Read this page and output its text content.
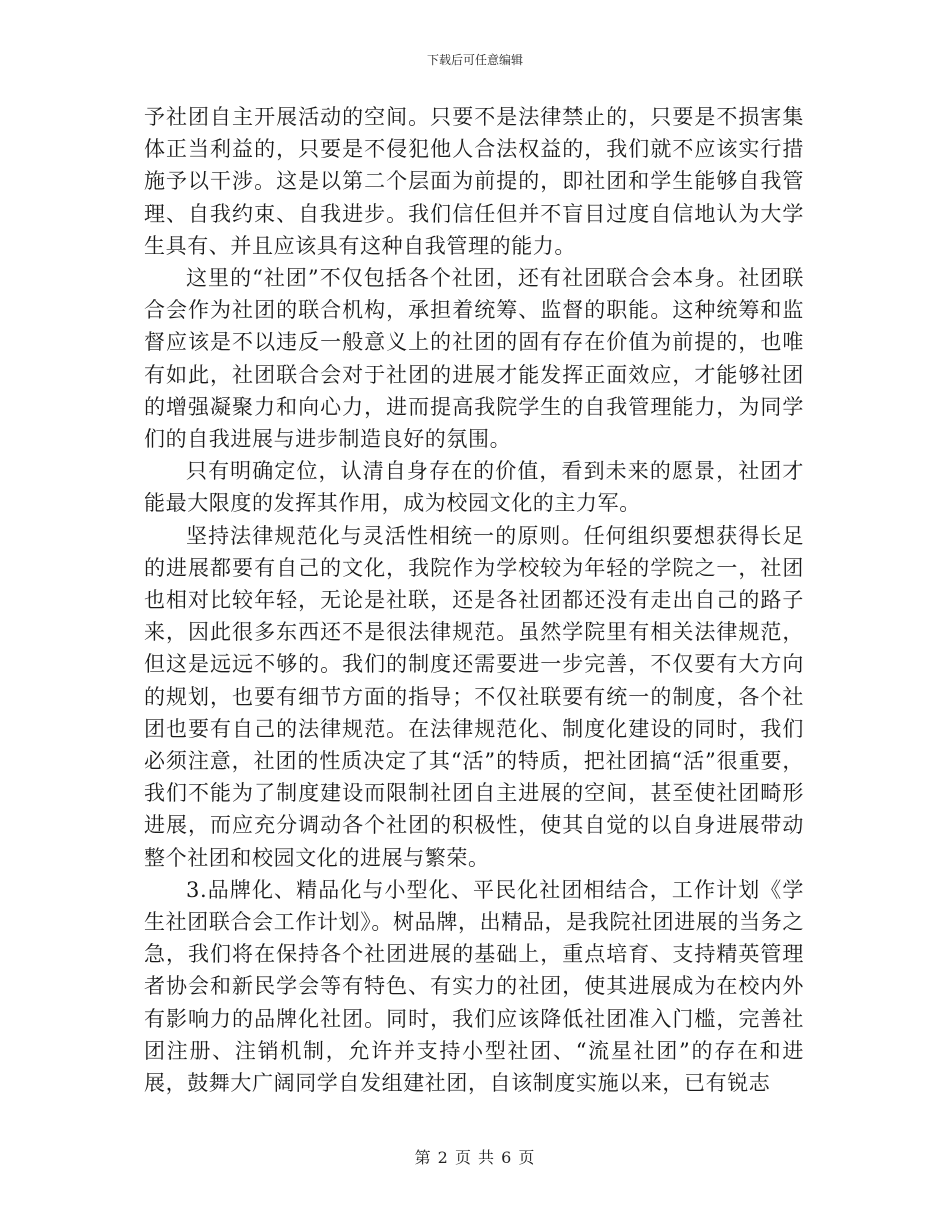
下载后可任意编辑

予社团自主开展活动的空间。只要不是法律禁止的，只要是不损害集体正当利益的，只要是不侵犯他人合法权益的，我们就不应该实行措施予以干涉。这是以第二个层面为前提的，即社团和学生能够自我管理、自我约束、自我进步。我们信任但并不盲目过度自信地认为大学生具有、并且应该具有这种自我管理的能力。

这里的“社团”不仅包括各个社团，还有社团联合会本身。社团联合会作为社团的联合机构，承担着统筹、监督的职能。这种统筹和监督应该是不以违反一般意义上的社团的固有存在价值为前提的，也唯有如此，社团联合会对于社团的进展才能发挥正面效应，才能够社团的增强凝聚力和向心力，进而提高我院学生的自我管理能力，为同学们的自我进展与进步制造良好的氛围。

只有明确定位，认清自身存在的价值，看到未来的愿景，社团才能最大限度的发挥其作用，成为校园文化的主力军。

坚持法律规范化与灵活性相统一的原则。任何组织要想获得长足的进展都要有自己的文化，我院作为学校较为年轻的学院之一，社团也相对比较年轻，无论是社联，还是各社团都还没有走出自己的路子来，因此很多东西还不是很法律规范。虽然学院里有相关法律规范，但这是远远不够的。我们的制度还需要进一步完善，不仅要有大方向的规划，也要有细节方面的指导；不仅社联要有统一的制度，各个社团也要有自己的法律规范。在法律规范化、制度化建设的同时，我们必须注意，社团的性质决定了其“活”的特质，把社团搞“活”很重要，我们不能为了制度建设而限制社团自主进展的空间，甚至使社团畸形进展，而应充分调动各个社团的积极性，使其自觉的以自身进展带动整个社团和校园文化的进展与繁荣。

3.品牌化、精品化与小型化、平民化社团相结合，工作计划《学生社团联合会工作计划》。树品牌，出精品，是我院社团进展的当务之急，我们将在保持各个社团进展的基础上，重点培育、支持精英管理者协会和新民学会等有特色、有实力的社团，使其进展成为在校内外有影响力的品牌化社团。同时，我们应该降低社团准入门槛，完善社团注册、注销机制，允许并支持小型社团、“流星社团”的存在和进展，鼓舞大广阔同学自发组建社团，自该制度实施以来，已有锐志

第 2 页 共 6 页
